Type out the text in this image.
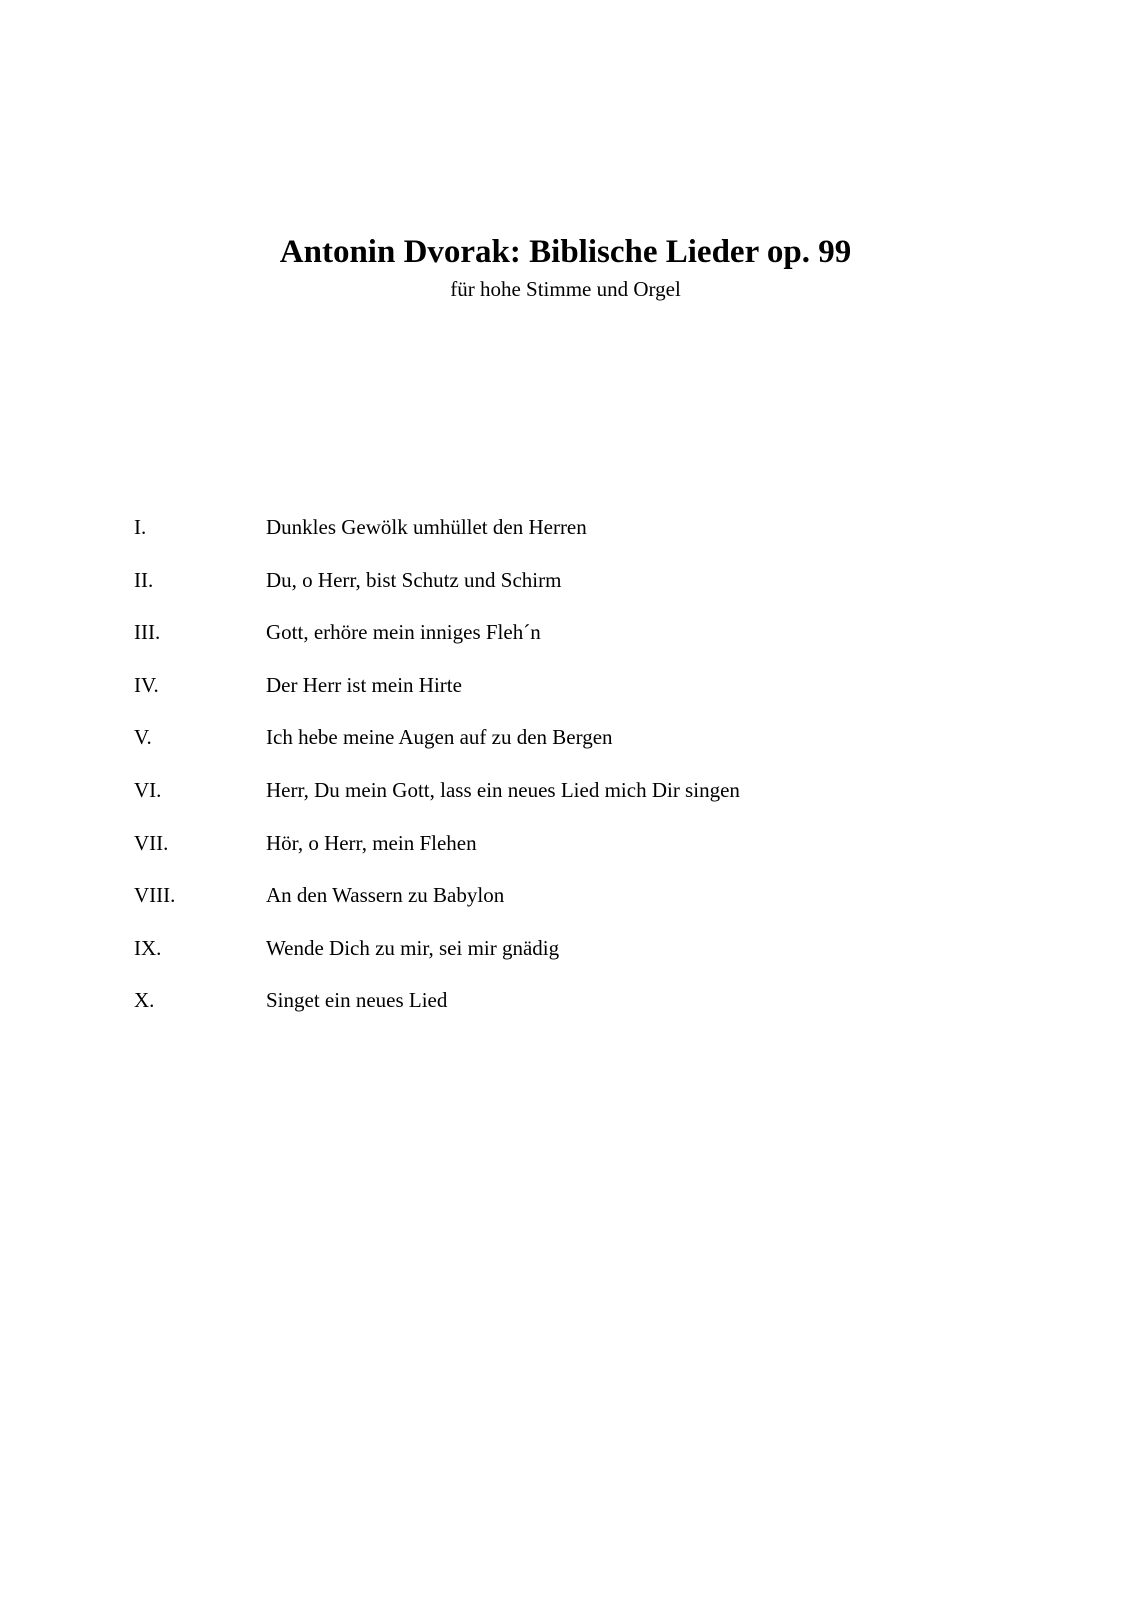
Antonin Dvorak: Biblische Lieder op. 99

für hohe Stimme und Orgel

I.	Dunkles Gewölk umhüllet den Herren
II.	Du, o Herr, bist Schutz und Schirm
III.	Gott, erhöre mein inniges Fleh´n
IV.	Der Herr ist mein Hirte
V.	Ich hebe meine Augen auf zu den Bergen
VI.	Herr, Du mein Gott, lass ein neues Lied mich Dir singen
VII.	Hör, o Herr, mein Flehen
VIII.	An den Wassern zu Babylon
IX.	Wende Dich zu mir, sei mir gnädig
X.	Singet ein neues Lied
